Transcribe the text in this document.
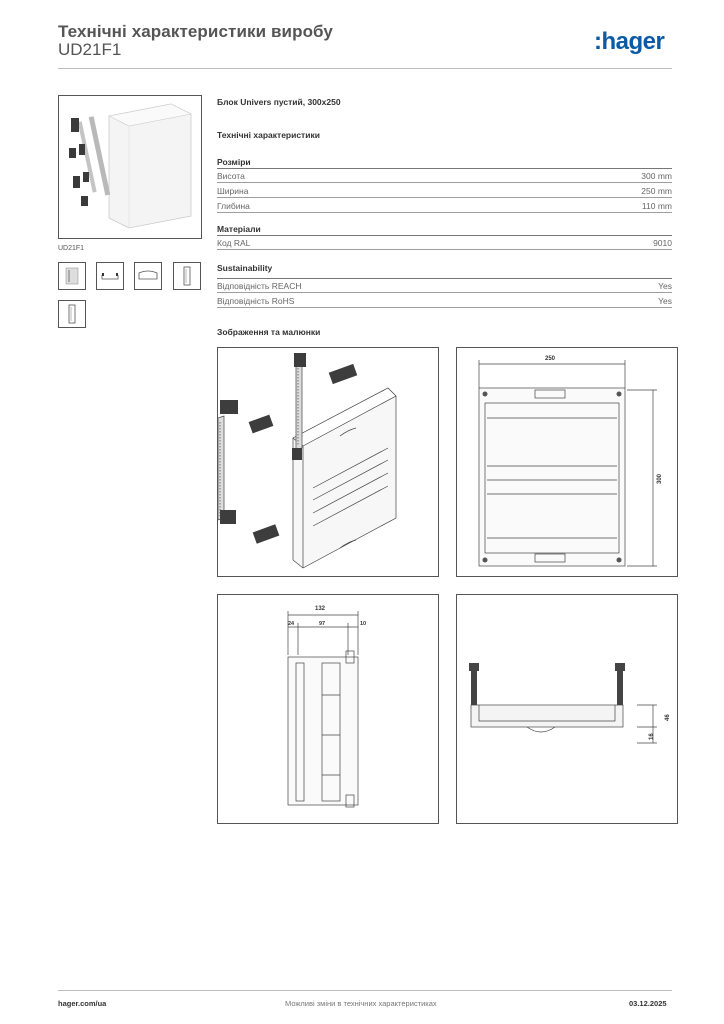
Технічні характеристики виробу
UD21F1	:hager
UD21F1
Блок Univers пустий, 300x250
Технічні характеристики
Розміри
Висота	300 mm
Ширина	250 mm
Глибина	110 mm
Матеріали
Код RAL	9010
Sustainability
Відповідність REACH	Yes
Відповідність RoHS	Yes
Зображення та малюнки
250
300
132
24	97	10
46
16
hager.com/ua	Можливі зміни в технічних характеристиках	03.12.2025
